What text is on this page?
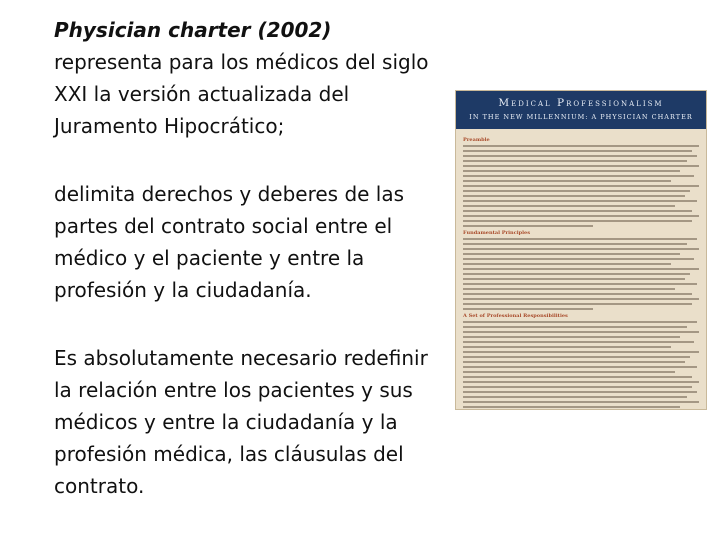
Physician charter (2002) representa para los médicos del siglo XXI la versión actualizada del Juramento Hipocrático;

delimita derechos y deberes de las partes del contrato social entre el médico y el paciente y entre la profesión y la ciudadanía.

Es absolutamente necesario redefinir la relación entre los pacientes y sus médicos y entre la ciudadanía y la profesión médica, las cláusulas del contrato.

Medical Professionalism
IN THE NEW MILLENNIUM: A PHYSICIAN CHARTER
Preamble
Fundamental Principles
A Set of Professional Responsibilities
